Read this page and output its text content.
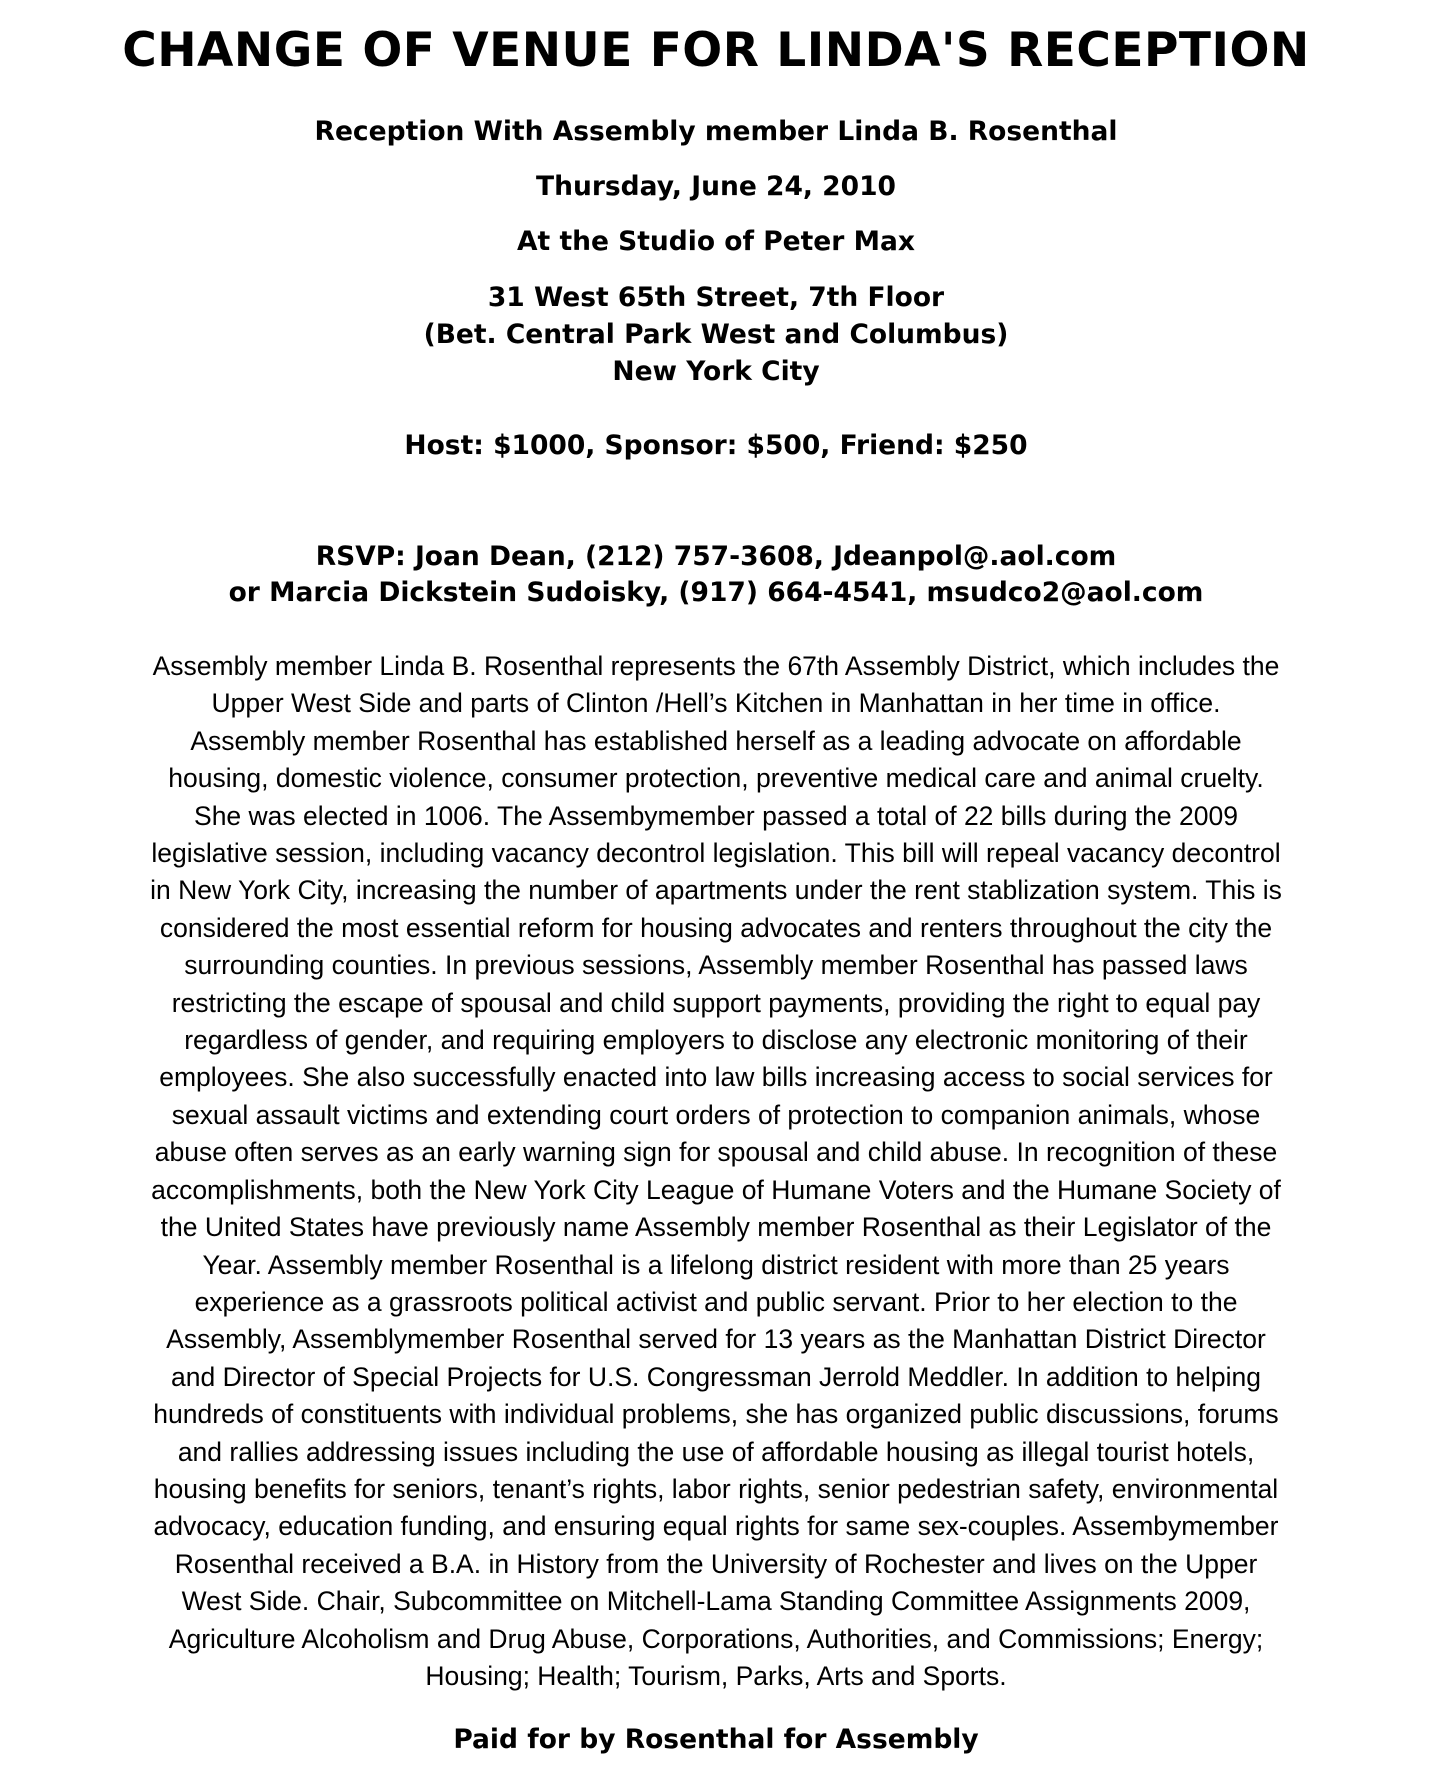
CHANGE OF VENUE FOR LINDA'S RECEPTION
Reception With Assembly member Linda B. Rosenthal
Thursday, June 24, 2010
At the Studio of Peter Max
31 West 65th Street, 7th Floor
(Bet. Central Park West and Columbus)
New York City
Host: $1000, Sponsor: $500, Friend: $250
RSVP: Joan Dean, (212) 757-3608, Jdeanpol@.aol.com
or Marcia Dickstein Sudoisky, (917) 664-4541, msudco2@aol.com
Assembly member Linda B. Rosenthal represents the 67th Assembly District, which includes the
Upper West Side and parts of Clinton /Hell’s Kitchen in Manhattan in her time in office.
Assembly member Rosenthal has established herself as a leading advocate on affordable
housing, domestic violence, consumer protection, preventive medical care and animal cruelty.
She was elected in 1006. The Assembymember passed a total of 22 bills during the 2009
legislative session, including vacancy decontrol legislation. This bill will repeal vacancy decontrol
in New York City, increasing the number of apartments under the rent stablization system. This is
considered the most essential reform for housing advocates and renters throughout the city the
surrounding counties. In previous sessions, Assembly member Rosenthal has passed laws
restricting the escape of spousal and child support payments, providing the right to equal pay
regardless of gender, and requiring employers to disclose any electronic monitoring of their
employees. She also successfully enacted into law bills increasing access to social services for
sexual assault victims and extending court orders of protection to companion animals, whose
abuse often serves as an early warning sign for spousal and child abuse. In recognition of these
accomplishments, both the New York City League of Humane Voters and the Humane Society of
the United States have previously name Assembly member Rosenthal as their Legislator of the
Year. Assembly member Rosenthal is a lifelong district resident with more than 25 years
experience as a grassroots political activist and public servant. Prior to her election to the
Assembly, Assemblymember Rosenthal served for 13 years as the Manhattan District Director
and Director of Special Projects for U.S. Congressman Jerrold Meddler. In addition to helping
hundreds of constituents with individual problems, she has organized public discussions, forums
and rallies addressing issues including the use of affordable housing as illegal tourist hotels,
housing benefits for seniors, tenant’s rights, labor rights, senior pedestrian safety, environmental
advocacy, education funding, and ensuring equal rights for same sex-couples. Assembymember
Rosenthal received a B.A. in History from the University of Rochester and lives on the Upper
West Side. Chair, Subcommittee on Mitchell-Lama Standing Committee Assignments 2009,
Agriculture Alcoholism and Drug Abuse, Corporations, Authorities, and Commissions; Energy;
Housing; Health; Tourism, Parks, Arts and Sports.
Paid for by Rosenthal for Assembly
